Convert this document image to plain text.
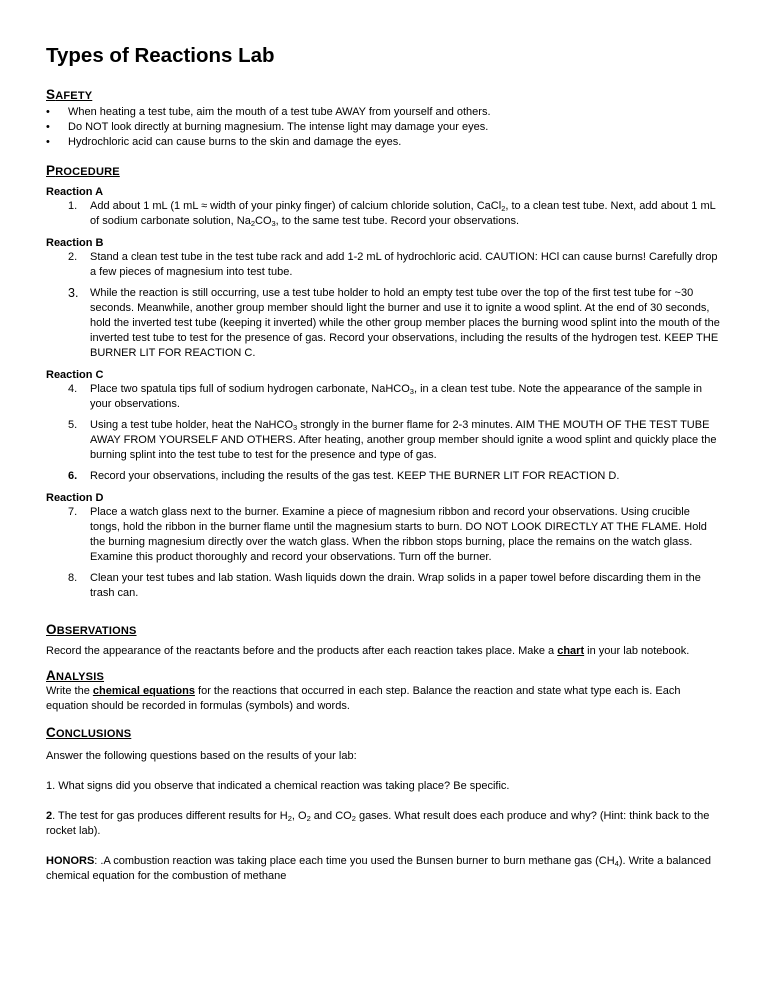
Types of Reactions Lab
SAFETY
• When heating a test tube, aim the mouth of a test tube AWAY from yourself and others.
• Do NOT look directly at burning magnesium. The intense light may damage your eyes.
• Hydrochloric acid can cause burns to the skin and damage the eyes.
PROCEDURE
Reaction A
1. Add about 1 mL (1 mL ≈ width of your pinky finger) of calcium chloride solution, CaCl$_2$, to a clean test tube. Next, add about 1 mL of sodium carbonate solution, $Na_2CO_3$, to the same test tube. Record your observations.
Reaction B
2. Stand a clean test tube in the test tube rack and add 1-2 mL of hydrochloric acid. CAUTION: HCl can cause burns! Carefully drop a few pieces of magnesium into test tube.
3. While the reaction is still occurring, use a test tube holder to hold an empty test tube over the top of the first test tube for ~30 seconds. Meanwhile, another group member should light the burner and use it to ignite a wood splint. At the end of 30 seconds, hold the inverted test tube (keeping it inverted) while the other group member places the burning wood splint into the mouth of the inverted test tube to test for the presence of gas. Record your observations, including the results of the hydrogen test. KEEP THE BURNER LIT FOR REACTION C.
Reaction C
4. Place two spatula tips full of sodium hydrogen carbonate, NaHCO$_3$, in a clean test tube. Note the appearance of the sample in your observations.
5. Using a test tube holder, heat the NaHCO$_3$ strongly in the burner flame for 2-3 minutes. AIM THE MOUTH OF THE TEST TUBE AWAY FROM YOURSELF AND OTHERS. After heating, another group member should ignite a wood splint and quickly place the burning splint into the test tube to test for the presence and type of gas.
6. Record your observations, including the results of the gas test. KEEP THE BURNER LIT FOR REACTION D.
Reaction D
7. Place a watch glass next to the burner. Examine a piece of magnesium ribbon and record your observations. Using crucible tongs, hold the ribbon in the burner flame until the magnesium starts to burn. DO NOT LOOK DIRECTLY AT THE FLAME. Hold the burning magnesium directly over the watch glass. When the ribbon stops burning, place the remains on the watch glass. Examine this product thoroughly and record your observations. Turn off the burner.
8. Clean your test tubes and lab station. Wash liquids down the drain. Wrap solids in a paper towel before discarding them in the trash can.
OBSERVATIONS

Record the appearance of the reactants before and the products after each reaction takes place. Make a chart in your lab notebook.

ANALYSIS

Write the chemical equations for the reactions that occurred in each step. Balance the reaction and state what type each is. Each equation should be recorded in formulas (symbols) and words.

CONCLUSIONS

Answer the following questions based on the results of your lab:

1. What signs did you observe that indicated a chemical reaction was taking place? Be specific.

2. The test for gas produces different results for $H_2$, $O_2$ and $CO_2$ gases. What result does each produce and why? (Hint: think back to the rocket lab).

HONORS: .A combustion reaction was taking place each time you used the Bunsen burner to burn methane gas $(CH_4)$. Write a balanced chemical equation for the combustion of methane
